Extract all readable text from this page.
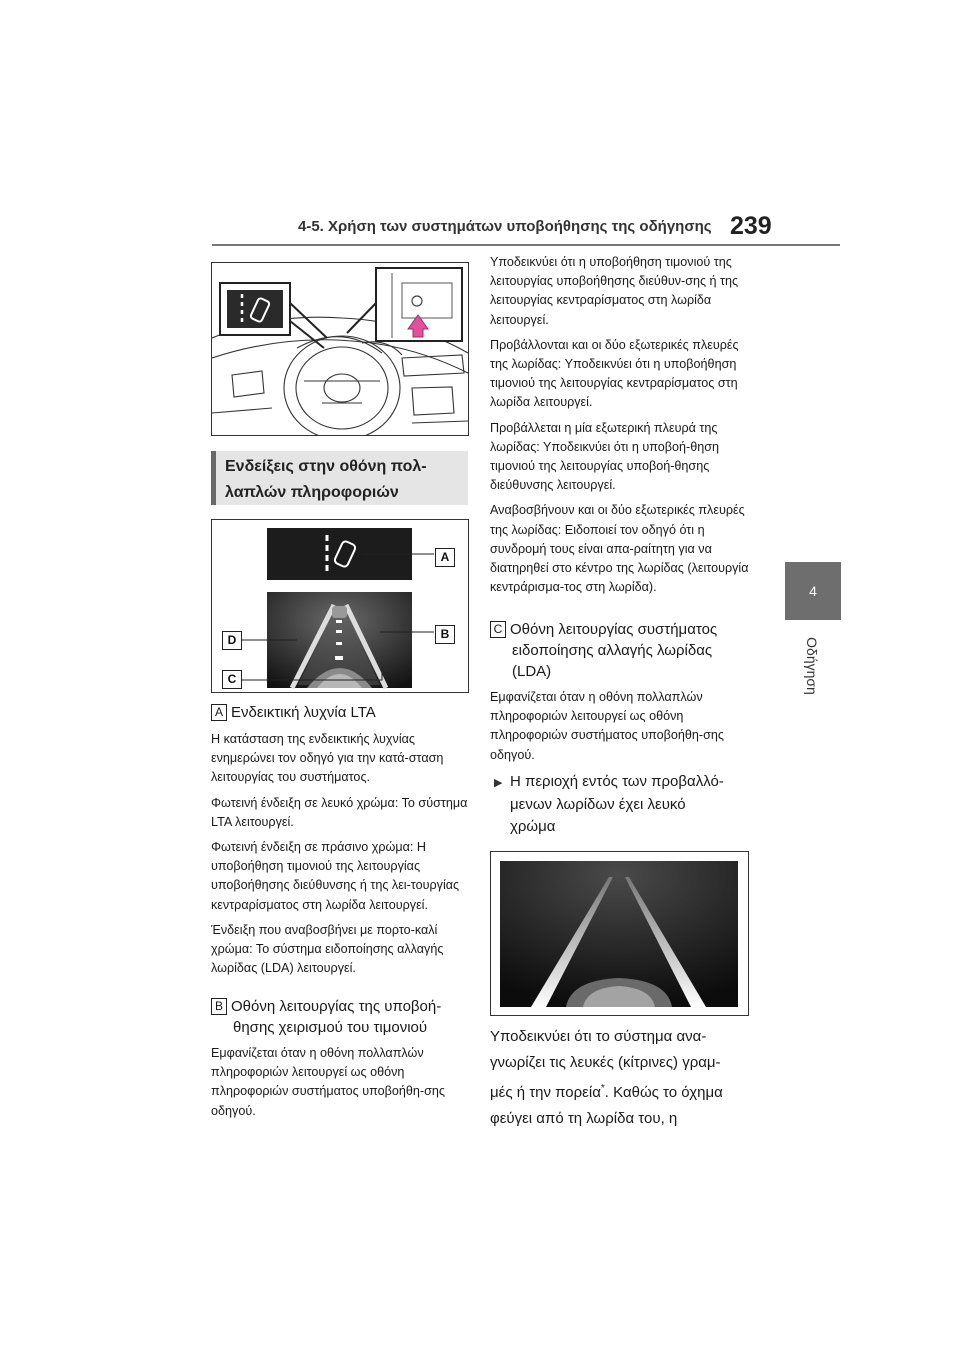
4-5. Χρήση των συστημάτων υποβοήθησης της οδήγησης 239
4
Οδήγηση
Ενδείξεις στην οθόνη πολ-
λαπλών πληροφοριών
A
B
D
C
A Ενδεικτική λυχνία LTA

Η κατάσταση της ενδεικτικής λυχνίας ενημερώνει τον οδηγό για την κατά-σταση λειτουργίας του συστήματος.

Φωτεινή ένδειξη σε λευκό χρώμα: Το σύστημα LTA λειτουργεί.

Φωτεινή ένδειξη σε πράσινο χρώμα: Η υποβοήθηση τιμονιού της λειτουργίας υποβοήθησης διεύθυνσης ή της λει-τουργίας κεντραρίσματος στη λωρίδα λειτουργεί.

Ένδειξη που αναβοσβήνει με πορτο-καλί χρώμα: Το σύστημα ειδοποίησης αλλαγής λωρίδας (LDA) λειτουργεί.

B Οθόνη λειτουργίας της υποβοή-
θησης χειρισμού του τιμονιού

Εμφανίζεται όταν η οθόνη πολλαπλών πληροφοριών λειτουργεί ως οθόνη πληροφοριών συστήματος υποβοήθη-σης οδηγού.

Υποδεικνύει ότι η υποβοήθηση τιμονιού της λειτουργίας υποβοήθησης διεύθυν-σης ή της λειτουργίας κεντραρίσματος στη λωρίδα λειτουργεί.

Προβάλλονται και οι δύο εξωτερικές πλευρές της λωρίδας: Υποδεικνύει ότι η υποβοήθηση τιμονιού της λειτουργίας κεντραρίσματος στη λωρίδα λειτουργεί.

Προβάλλεται η μία εξωτερική πλευρά της λωρίδας: Υποδεικνύει ότι η υποβοή-θηση τιμονιού της λειτουργίας υποβοή-θησης διεύθυνσης λειτουργεί.

Αναβοσβήνουν και οι δύο εξωτερικές πλευρές της λωρίδας: Ειδοποιεί τον οδηγό ότι η συνδρομή τους είναι απα-ραίτητη για να διατηρηθεί στο κέντρο της λωρίδας (λειτουργία κεντράρισμα-τος στη λωρίδα).

C Οθόνη λειτουργίας συστήματος
ειδοποίησης αλλαγής λωρίδας
(LDA)

Εμφανίζεται όταν η οθόνη πολλαπλών πληροφοριών λειτουργεί ως οθόνη πληροφοριών συστήματος υποβοήθη-σης οδηγού.

▶ Η περιοχή εντός των προβαλλό-
μενων λωρίδων έχει λευκό
χρώμα
Υποδεικνύει ότι το σύστημα ανα-
γνωρίζει τις λευκές (κίτρινες) γραμ-
μές ή την πορεία*. Καθώς το όχημα
φεύγει από τη λωρίδα του, η
